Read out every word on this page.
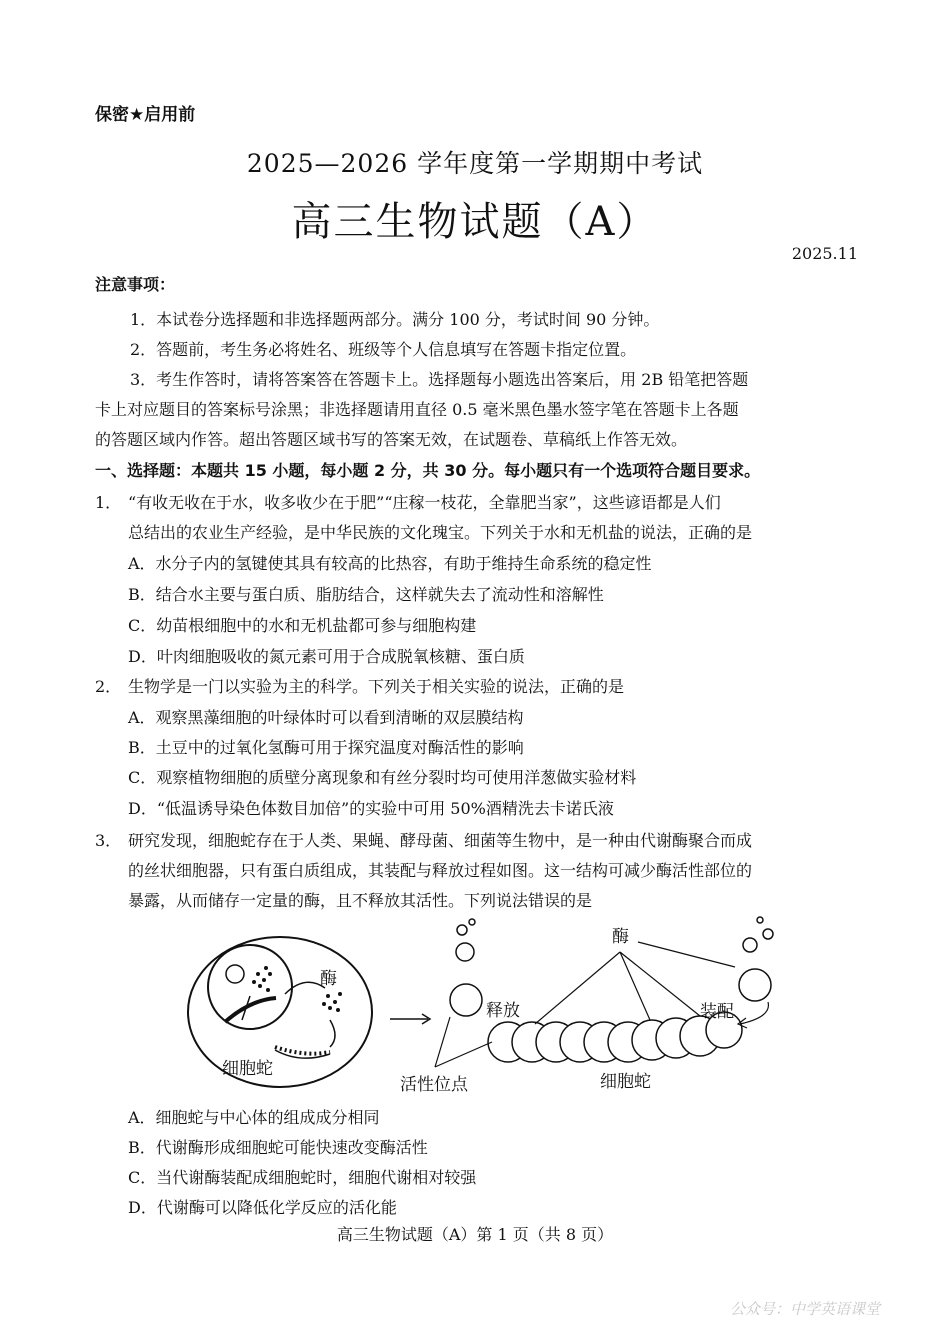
保密★启用前
2025—2026 学年度第一学期期中考试
高三生物试题（A）
2025.11
注意事项：
1．本试卷分选择题和非选择题两部分。满分 100 分，考试时间 90 分钟。
2．答题前，考生务必将姓名、班级等个人信息填写在答题卡指定位置。
3．考生作答时，请将答案答在答题卡上。选择题每小题选出答案后，用 2B 铅笔把答题
卡上对应题目的答案标号涂黑；非选择题请用直径 0.5 毫米黑色墨水签字笔在答题卡上各题
的答题区域内作答。超出答题区域书写的答案无效，在试题卷、草稿纸上作答无效。
一、选择题：本题共 15 小题，每小题 2 分，共 30 分。每小题只有一个选项符合题目要求。
1． “有收无收在于水，收多收少在于肥”“庄稼一枝花，全靠肥当家”，这些谚语都是人们
总结出的农业生产经验，是中华民族的文化瑰宝。下列关于水和无机盐的说法，正确的是
A．水分子内的氢键使其具有较高的比热容，有助于维持生命系统的稳定性
B．结合水主要与蛋白质、脂肪结合，这样就失去了流动性和溶解性
C．幼苗根细胞中的水和无机盐都可参与细胞构建
D．叶肉细胞吸收的氮元素可用于合成脱氧核糖、蛋白质
2． 生物学是一门以实验为主的科学。下列关于相关实验的说法，正确的是
A．观察黑藻细胞的叶绿体时可以看到清晰的双层膜结构
B．土豆中的过氧化氢酶可用于探究温度对酶活性的影响
C．观察植物细胞的质壁分离现象和有丝分裂时均可使用洋葱做实验材料
D．“低温诱导染色体数目加倍”的实验中可用 50%酒精洗去卡诺氏液
3． 研究发现，细胞蛇存在于人类、果蝇、酵母菌、细菌等生物中，是一种由代谢酶聚合而成
的丝状细胞器，只有蛋白质组成，其装配与释放过程如图。这一结构可减少酶活性部位的
暴露，从而储存一定量的酶，且不释放其活性。下列说法错误的是
酶
细胞蛇
释放
酶
装配
活性位点	细胞蛇
A．细胞蛇与中心体的组成成分相同
B．代谢酶形成细胞蛇可能快速改变酶活性
C．当代谢酶装配成细胞蛇时，细胞代谢相对较强
D．代谢酶可以降低化学反应的活化能
高三生物试题（A）第 1 页（共 8 页）
公众号：中学英语课堂
